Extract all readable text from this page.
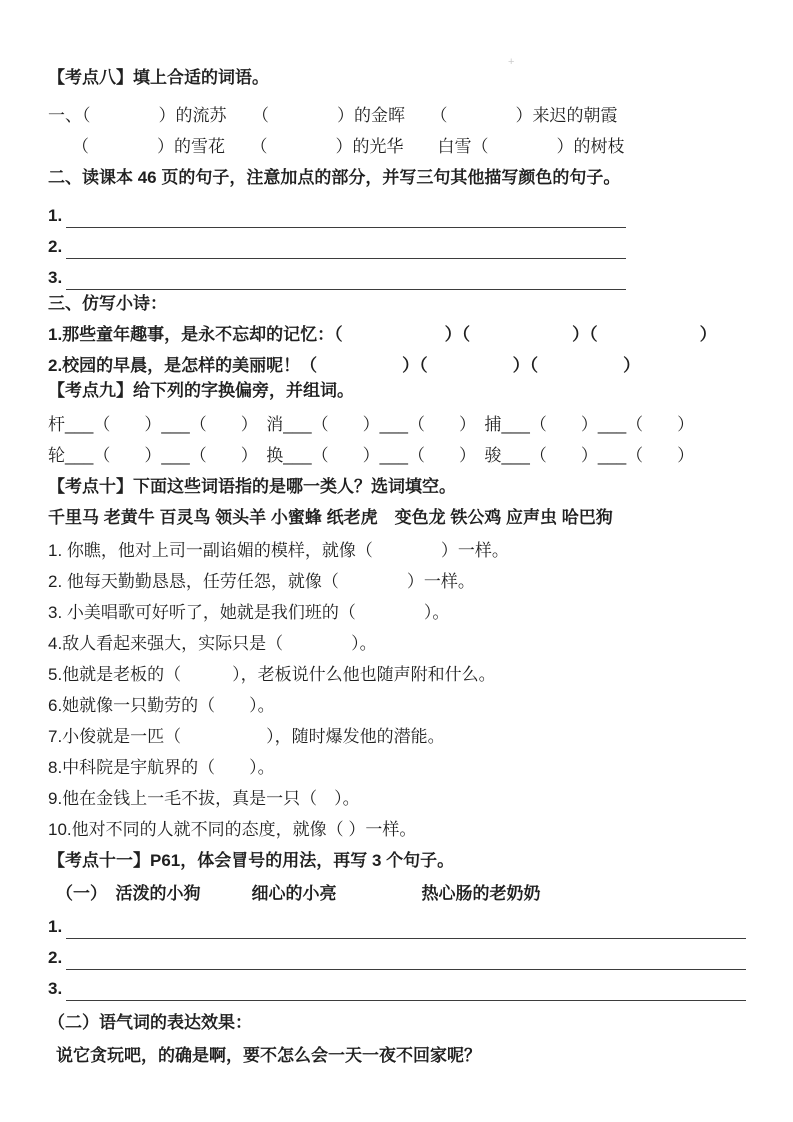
+
【考点八】填上合适的词语。
一、（　　　　）的流苏　　（　　　　）的金晖　　（　　　　）来迟的朝霞
（　　　　）的雪花　　（　　　　）的光华　　白雪（　　　　）的树枝
二、读课本 46 页的句子，注意加点的部分，并写三句其他描写颜色的句子。
1.
2.
3.
三、仿写小诗：
1.那些童年趣事，是永不忘却的记忆：（　　　　　　）（　　　　　　）（　　　　　　）
2.校园的早晨，是怎样的美丽呢！（　　　　　）（　　　　　）（　　　　　）
【考点九】给下列的字换偏旁，并组词。
杆___（　　）___（　　）　消___（　　）___（　　）　捕___（　　）___（　　）
轮___（　　）___（　　）　换___（　　）___（　　）　骏___（　　）___（　　）
【考点十】下面这些词语指的是哪一类人？选词填空。
千里马 老黄牛 百灵鸟 领头羊 小蜜蜂 纸老虎　变色龙 铁公鸡 应声虫 哈巴狗
1. 你瞧，他对上司一副谄媚的模样，就像（　　　　）一样。
2. 他每天勤勤恳恳，任劳任怨，就像（　　　　）一样。
3. 小美唱歌可好听了，她就是我们班的（　　　　）。
4.敌人看起来强大，实际只是（　　　　）。
5.他就是老板的（　　　），老板说什么他也随声附和什么。
6.她就像一只勤劳的（　　）。
7.小俊就是一匹（　　　　　），随时爆发他的潜能。
8.中科院是宇航界的（　　）。
9.他在金钱上一毛不拔，真是一只（　）。
10.他对不同的人就不同的态度，就像（ ）一样。
【考点十一】P61，体会冒号的用法，再写 3 个句子。
（一）　活泼的小狗　　　细心的小亮　　　　　热心肠的老奶奶
1.
2.
3.
（二）语气词的表达效果：
说它贪玩吧，的确是啊，要不怎么会一天一夜不回家呢？
